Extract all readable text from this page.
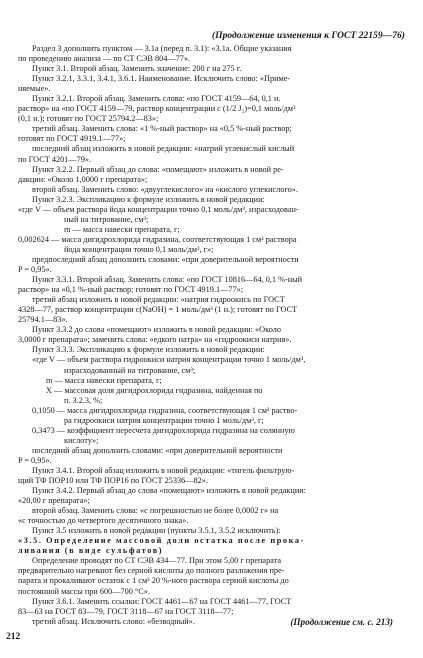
(Продолжение изменения к ГОСТ 22159—76)
Раздел 3 дополнить пунктом — 3.1а (перед п. 3.1): «3.1а. Общие указания
по проведению анализа — по СТ СЭВ 804—77».
Пункт 3.1. Второй абзац. Заменить значение: 200 г на 275 г.
Пункт 3.2.1, 3.3.1, 3.4.1, 3.6.1. Наименование. Исключить слово: «Приме-
няемые».
Пункт 3.2.1. Второй абзац. Заменить слова: «по ГОСТ 4159—64, 0,1 н.
раствор» на «по ГОСТ 4159—79, раствор концентрации с (1/2 J₂)=0,1 моль/дм³
(0,1 н.); готовят по ГОСТ 25794.2—83»;
третий абзац. Заменить слова: «1 %-ный раствор» на «0,5 %-ный раствор;
готовят по ГОСТ 4919.1—77»;
последний абзац изложить в новой редакции: «натрий углекислый кислый
по ГОСТ 4201—79».
Пункт 3.2.2. Первый абзац до слова: «помещают» изложить в новой ре-
дакции: «Около 1,0000 г препарата»;
второй абзац. Заменить слово: «двууглекислого» на «кислого углекислого».
Пункт 3.2.3. Экспликацию к формуле изложить в новой редакции:
«где V — объем раствора йода концентрации точно 0,1 моль/дм³, израсходован-
ный на титрование, см³;
m — масса навески препарата, г;
0,002624 — масса дигидрохлорида гидразина, соответствующая 1 см³ раствора
йода концентрации точно 0,1 моль/дм³, г»;
предпоследний абзац дополнить словами: «при доверительной вероятности
P = 0,95».
Пункт 3.3.1. Второй абзац. Заменить слова: «по ГОСТ 10816—64, 0,1 %-ный
раствор» на «0,1 %-ный раствор; готовят по ГОСТ 4919.1—77»;
третий абзац изложить в новой редакции: «натрия гидроокись по ГОСТ
4328—77, раствор концентрации с(NaOH) = 1 моль/дм³ (1 н.); готовят по ГОСТ
25794.1—83».
Пункт 3.3.2 до слова «помещают» изложить в новой редакции: «Около
3,0000 г препарата»; заменить слова: «едкого натра» на «гидроокиси натрия».
Пункт 3.3.3. Экспликацию к формуле изложить в новой редакции:
«где V — объем раствора гидроокиси натрия концентрации точно 1 моль/дм³,
израсходованный на титрование, см³;
m — масса навески препарата, г;
X — массовая доля дигидрохлорида гидразина, найденная по
п. 3.2.3, %;
0,1050 — масса дигидрохлорида гидразина, соответствующая 1 см³ раство-
ра гидроокиси натрия концентрации точно 1 моль/дм³, г;
0,3473 — коэффициент пересчета дигидрохлорида гидразина на солянную
кислоту»;
последний абзац дополнить словами: «при доверительной вероятности
P = 0,95».
Пункт 3.4.1. Второй абзац изложить в новой редакции: «тигель фильтрую-
щий ТФ ПОР10 или ТФ ПОР16 по ГОСТ 25336—82».
Пункт 3.4.2. Первый абзац до слова «помещают» изложить в новой редакции:
«20,00 г препарата»;
второй абзац. Заменить слова: «с погрешностью не более 0,0002 г» на
«с точностью до четвертого десятичного знака».
Пункт 3.5 изложить в новой редакции (пункты 3.5.1, 3.5.2 исключить):
«3.5. Определение массовой доли остатка после прока-
ливания (в виде сульфатов)
Определение проводят по СТ СЭВ 434—77. При этом 5,00 г препарата
предварительно нагревают без серной кислоты до полного разложения пре-
парата и прокаливают остаток с 1 см³ 20 %-ного раствора серной кислоты до
постоянной массы при 600—700 °С».
Пункт 3.6.1. Заменить ссылки: ГОСТ 4461—67 на ГОСТ 4461—77, ГОСТ
83—63 на ГОСТ 83—79, ГОСТ 3118—67 на ГОСТ 3118—77;
третий абзац. Исключить слово: «безводный».	(Продолжение см. с. 213)
212
